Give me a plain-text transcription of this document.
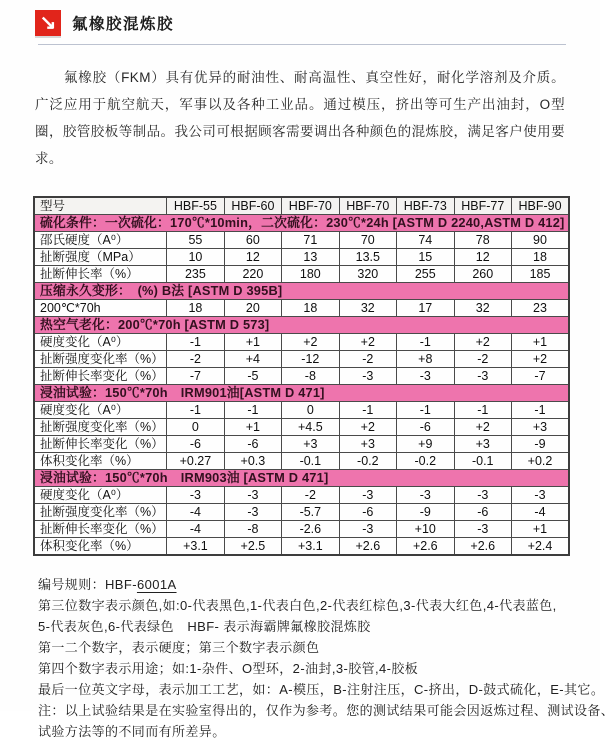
↘ 氟橡胶混炼胶

氟橡胶（FKM）具有优异的耐油性、耐高温性、真空性好，耐化学溶剂及介质。广泛应用于航空航天，军事以及各种工业品。通过模压，挤出等可生产出油封，O型圈，胶管胶板等制品。我公司可根据顾客需要调出各种颜色的混炼胶，满足客户使用要求。

型号	HBF-55	HBF-60	HBF-70	HBF-70	HBF-73	HBF-77	HBF-90
硫化条件：一次硫化：170℃*10min，二次硫化：230℃*24h [ASTM D 2240,ASTM D 412]							
邵氏硬度（A⁰）	55	60	71	70	74	78	90
扯断强度（MPa）	10	12	13	13.5	15	12	18
扯断伸长率（%）	235	220	180	320	255	260	185
压缩永久变形：　(%) B法 [ASTM D 395B]							
200℃*70h	18	20	18	32	17	32	23
热空气老化：200℃*70h [ASTM D 573]							
硬度变化（A⁰）	-1	+1	+2	+2	-1	+2	+1
扯断强度变化率（%）	-2	+4	-12	-2	+8	-2	+2
扯断伸长率变化（%）	-7	-5	-8	-3	-3	-3	-7
浸油试验：150℃*70h　IRM901油[ASTM D 471]							
硬度变化（A⁰）	-1	-1	0	-1	-1	-1	-1
扯断强度变化率（%）	0	+1	+4.5	+2	-6	+2	+3
扯断伸长率变化（%）	-6	-6	+3	+3	+9	+3	-9
体积变化率（%）	+0.27	+0.3	-0.1	-0.2	-0.2	-0.1	+0.2
浸油试验：150℃*70h　IRM903油 [ASTM D 471]							
硬度变化（A⁰）	-3	-3	-2	-3	-3	-3	-3
扯断强度变化率（%）	-4	-3	-5.7	-6	-9	-6	-4
扯断伸长率变化（%）	-4	-8	-2.6	-3	+10	-3	+1
体积变化率（%）	+3.1	+2.5	+3.1	+2.6	+2.6	+2.6	+2.4
编号规则：HBF-6001A
第三位数字表示颜色,如:0-代表黑色,1-代表白色,2-代表红棕色,3-代表大红色,4-代表蓝色,
5-代表灰色,6-代表绿色　HBF- 表示海霸牌氟橡胶混炼胶
第一二个数字，表示硬度；第三个数字表示颜色
第四个数字表示用途；如:1-杂件、O型环，2-油封,3-胶管,4-胶板
最后一位英文字母，表示加工工艺，如：A-模压，B-注射注压，C-挤出，D-鼓式硫化，E-其它。
注：以上试验结果是在实验室得出的，仅作为参考。您的测试结果可能会因返炼过程、测试设备、
试验方法等的不同而有所差异。
